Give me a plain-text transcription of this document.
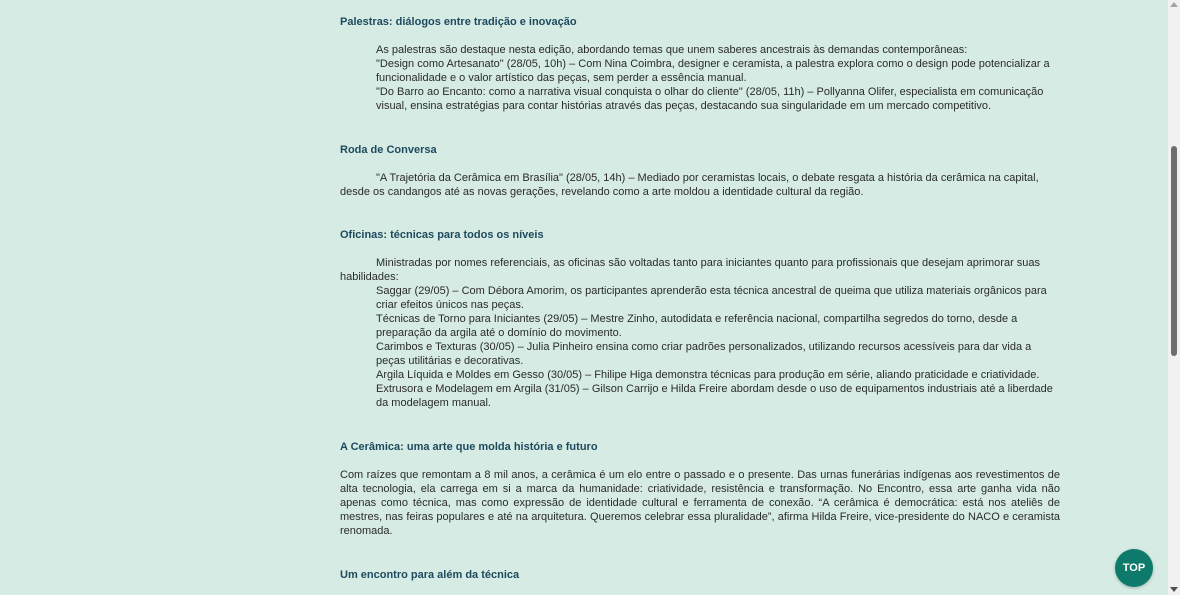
Palestras: diálogos entre tradição e inovação

As palestras são destaque nesta edição, abordando temas que unem saberes ancestrais às demandas contemporâneas:

"Design como Artesanato" (28/05, 10h) – Com Nina Coimbra, designer e ceramista, a palestra explora como o design pode potencializar a funcionalidade e o valor artístico das peças, sem perder a essência manual.

"Do Barro ao Encanto: como a narrativa visual conquista o olhar do cliente" (28/05, 11h) – Pollyanna Olifer, especialista em comunicação visual, ensina estratégias para contar histórias através das peças, destacando sua singularidade em um mercado competitivo.

Roda de Conversa

"A Trajetória da Cerâmica em Brasília" (28/05, 14h) – Mediado por ceramistas locais, o debate resgata a história da cerâmica na capital, desde os candangos até as novas gerações, revelando como a arte moldou a identidade cultural da região.

Oficinas: técnicas para todos os níveis

Ministradas por nomes referenciais, as oficinas são voltadas tanto para iniciantes quanto para profissionais que desejam aprimorar suas habilidades:

Saggar (29/05) – Com Débora Amorim, os participantes aprenderão esta técnica ancestral de queima que utiliza materiais orgânicos para criar efeitos únicos nas peças.

Técnicas de Torno para Iniciantes (29/05) – Mestre Zinho, autodidata e referência nacional, compartilha segredos do torno, desde a preparação da argila até o domínio do movimento.

Carimbos e Texturas (30/05) – Julia Pinheiro ensina como criar padrões personalizados, utilizando recursos acessíveis para dar vida a peças utilitárias e decorativas.

Argila Líquida e Moldes em Gesso (30/05) – Fhilipe Higa demonstra técnicas para produção em série, aliando praticidade e criatividade.

Extrusora e Modelagem em Argila (31/05) – Gilson Carrijo e Hilda Freire abordam desde o uso de equipamentos industriais até a liberdade da modelagem manual.

A Cerâmica: uma arte que molda história e futuro

Com raízes que remontam a 8 mil anos, a cerâmica é um elo entre o passado e o presente. Das urnas funerárias indígenas aos revestimentos de alta tecnologia, ela carrega em si a marca da humanidade: criatividade, resistência e transformação. No Encontro, essa arte ganha vida não apenas como técnica, mas como expressão de identidade cultural e ferramenta de conexão. “A cerâmica é democrática: está nos ateliês de mestres, nas feiras populares e até na arquitetura. Queremos celebrar essa pluralidade”, afirma Hilda Freire, vice-presidente do NACO e ceramista renomada.

Um encontro para além da técnica
TOP
